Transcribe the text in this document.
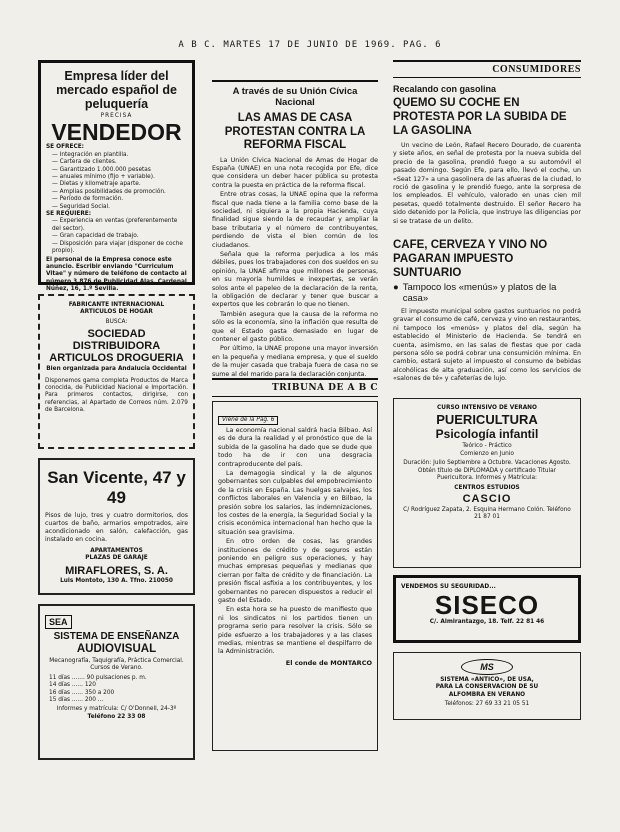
A B C. MARTES 17 DE JUNIO DE 1969. PAG. 6
Empresa líder del mercado español de peluquería
PRECISA
VENDEDOR
SE OFRECE:
— Integración en plantilla.
— Cartera de clientes.
— Garantizado 1.000.000 pesetas
— anuales mínimo (fijo + variable).
— Dietas y kilometraje aparte.
— Amplias posibilidades de promoción.
— Período de formación.
— Seguridad Social.
SE REQUIERE:
— Experiencia en ventas (preferentemente del sector).
— Gran capacidad de trabajo.
— Disposición para viajar (disponer de coche propio).
El personal de la Empresa conoce este anuncio. Escribir enviando "Curriculum Vitae" y número de teléfono de contacto al número 3.876 de Publicidad Alas. Cardenal Núñez, 16, 1.º Sevilla.
FABRICANTE INTERNACIONAL
ARTICULOS DE HOGAR
BUSCA:
SOCIEDAD
DISTRIBUIDORA
ARTICULOS DROGUERIA
Bien organizada para Andalucía Occidental
Disponemos gama completa Productos de Marca conocida, de Publicidad Nacional e Importación. Para primeros contactos, dirigirse, con referencias, al Apartado de Correos núm. 2.079 de Barcelona.
San Vicente, 47 y 49
Pisos de lujo, tres y cuatro dormitorios, dos cuartos de baño, armarios empotrados, aire acondicionado en salón, calefacción, gas instalado en cocina.
APARTAMENTOS
PLAZAS DE GARAJE
MIRAFLORES, S. A.
Luis Montoto, 130 A. Tfno. 210050
SEA
SISTEMA DE ENSEÑANZA
AUDIOVISUAL
Mecanografía, Taquigrafía, Práctica Comercial.
Cursos de Verano.
11 días ....... 90 pulsaciones p. m.
14 días ...... 120
16 días ...... 350 a 200
15 días ...... 200 ...
Informes y matrícula: C/ O'Donnell, 24-3º
Teléfono 22 33 08
A través de su Unión Cívica Nacional
LAS AMAS DE CASA PROTESTAN CONTRA LA REFORMA FISCAL

La Unión Cívica Nacional de Amas de Hogar de España (UNAE) en una nota recogida por Efe, dice que considera un deber hacer pública su protesta contra la puesta en práctica de la reforma fiscal.

Entre otras cosas, la UNAE opina que la reforma fiscal que nada tiene a la familia como base de la sociedad, ni siquiera a la propia Hacienda, cuya finalidad sigue siendo la de recaudar y ampliar la base tributaria y el número de contribuyentes, perdiendo de vista el bien común de los ciudadanos.

Señala que la reforma perjudica a los más débiles, pues los trabajadores con dos sueldos en su opinión, la UNAE afirma que millones de personas, en su mayoría humildes e inexpertas, se verán solos ante el papeleo de la declaración de la renta, la obligación de declarar y tener que buscar a expertos que les cobrarán lo que no tienen.

También asegura que la causa de la reforma no sólo es la economía, sino la inflación que resulta de que el Estado gasta demasiado en lugar de contener el gasto público.

Por último, la UNAE propone una mayor inversión en la pequeña y mediana empresa, y que el sueldo de la mujer casada que trabaja fuera de casa no se sume al del marido para la declaración conjunta.

TRIBUNA DE A B C
Viene de la Pág. 6

La economía nacional saldrá hacia Bilbao. Así es de dura la realidad y el pronóstico que de la subida de la gasolina ha dado que se dude que todo ha de ir con una desgracia contraproducente del país.

La demagogia sindical y la de algunos gobernantes son culpables del empobrecimiento de la crisis en España. Las huelgas salvajes, los conflictos laborales en Valencia y en Bilbao, la presión sobre los salarios, las indemnizaciones, los costes de la energía, la Seguridad Social y la crisis económica internacional han hecho que la situación sea gravísima.

En otro orden de cosas, las grandes instituciones de crédito y de seguros están poniendo en peligro sus operaciones, y hay muchas empresas pequeñas y medianas que cierran por falta de crédito y de financiación. La presión fiscal asfixia a los contribuyentes, y los gobernantes no parecen dispuestos a reducir el gasto del Estado.

En esta hora se ha puesto de manifiesto que ni los sindicatos ni los partidos tienen un programa serio para resolver la crisis. Sólo se pide esfuerzo a los trabajadores y a las clases medias, mientras se mantiene el despilfarro de la Administración.

El conde de MONTARCO
CONSUMIDORES
Recalando con gasolina
QUEMO SU COCHE EN PROTESTA POR LA SUBIDA DE LA GASOLINA
Un vecino de León, Rafael Recero Dourado, de cuarenta y siete años, en señal de protesta por la nueva subida del precio de la gasolina, prendió fuego a su automóvil el pasado domingo. Según Efe, para ello, llevó el coche, un «Seat 127» a una gasolinera de las afueras de la ciudad, lo roció de gasolina y le prendió fuego, ante la sorpresa de los empleados. El vehículo, valorado en unas cien mil pesetas, quedó totalmente destruido. El señor Recero ha sido detenido por la Policía, que instruye las diligencias por si se tratase de un delito.
CAFE, CERVEZA Y VINO NO PAGARAN IMPUESTO SUNTUARIO
● Tampoco los «menús» y platos de la casa»
El impuesto municipal sobre gastos suntuarios no podrá gravar el consumo de café, cerveza y vino en restaurantes, ni tampoco los «menús» y platos del día, según ha establecido el Ministerio de Hacienda. Se tendrá en cuenta, asimismo, en las salas de fiestas que por cada persona sólo se podrá cobrar una consumición mínima. En cambio, estará sujeto al impuesto el consumo de bebidas alcohólicas de alta graduación, así como los servicios de «salones de té» y cafeterías de lujo.
CURSO INTENSIVO DE VERANO
PUERICULTURA
Psicología infantil
Teórico - Práctico
Comienzo en Junio
Duración: Julio Septiembre a Octubre. Vacaciones Agosto. Obtén título de DIPLOMADA y certificado Titular Puericultora. Informes y Matrícula:
CENTROS ESTUDIOS
CASCIO
C/ Rodríguez Zapata, 2. Esquina Hermano Colón. Teléfono 21 87 01
VENDEMOS SU SEGURIDAD...
SISECO
C/. Almirantazgo, 18. Telf. 22 81 46
MS
SISTEMA «ANTICO», DE USA,
PARA LA CONSERVACION DE SU
ALFOMBRA EN VERANO
Teléfonos: 27 69 33 21 05 51
